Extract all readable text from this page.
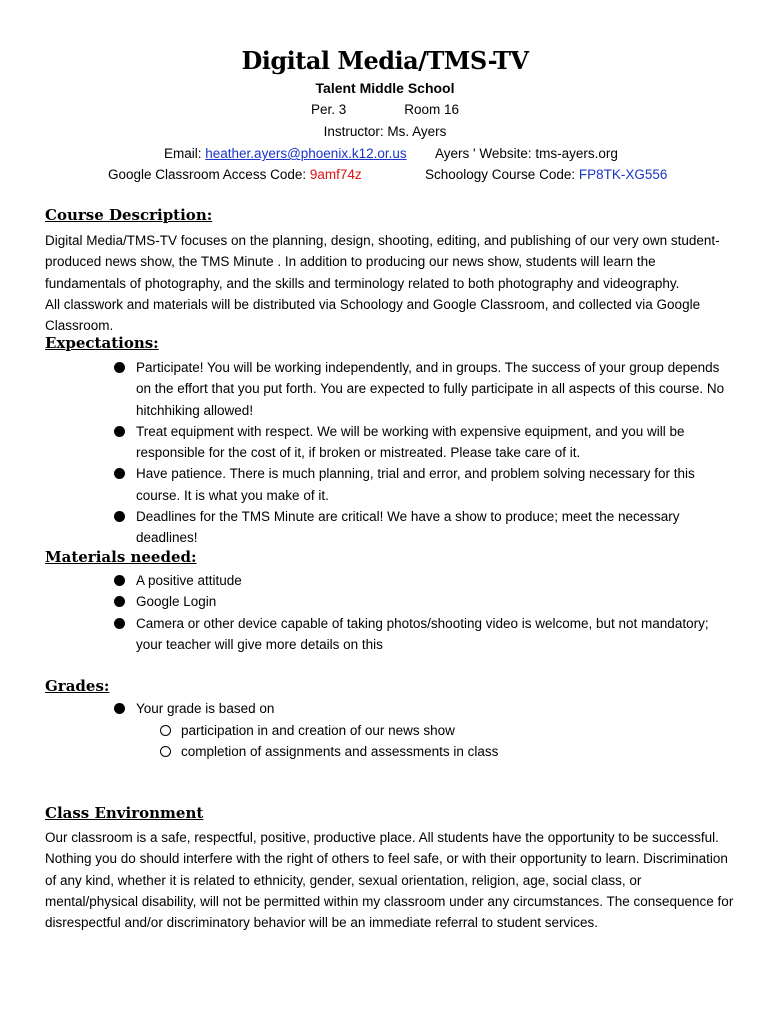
Digital Media/TMS-TV
Talent Middle School
Per. 3	Room 16
Instructor: Ms. Ayers
Email: heather.ayers@phoenix.k12.or.us Ayers ' Website: tms-ayers.org
Google Classroom Access Code: 9amf74z	Schoology Course Code: FP8TK-XG556
Course Description:
Digital Media/TMS-TV focuses on the planning, design, shooting, editing, and publishing of our very own student-produced news show, the TMS Minute . In addition to producing our news show, students will learn the fundamentals of photography, and the skills and terminology related to both photography and videography.
All classwork and materials will be distributed via Schoology and Google Classroom, and collected via Google Classroom.
Expectations:
Participate! You will be working independently, and in groups. The success of your group depends on the effort that you put forth. You are expected to fully participate in all aspects of this course. No hitchhiking allowed!
Treat equipment with respect. We will be working with expensive equipment, and you will be responsible for the cost of it, if broken or mistreated. Please take care of it.
Have patience. There is much planning, trial and error, and problem solving necessary for this course. It is what you make of it.
Deadlines for the TMS Minute are critical! We have a show to produce; meet the necessary deadlines!
Materials needed:
A positive attitude
Google Login
Camera or other device capable of taking photos/shooting video is welcome, but not mandatory; your teacher will give more details on this
Grades:
Your grade is based on
participation in and creation of our news show
completion of assignments and assessments in class
Class Environment
Our classroom is a safe, respectful, positive, productive place. All students have the opportunity to be successful. Nothing you do should interfere with the right of others to feel safe, or with their opportunity to learn. Discrimination of any kind, whether it is related to ethnicity, gender, sexual orientation, religion, age, social class, or mental/physical disability, will not be permitted within my classroom under any circumstances. The consequence for disrespectful and/or discriminatory behavior will be an immediate referral to student services.
